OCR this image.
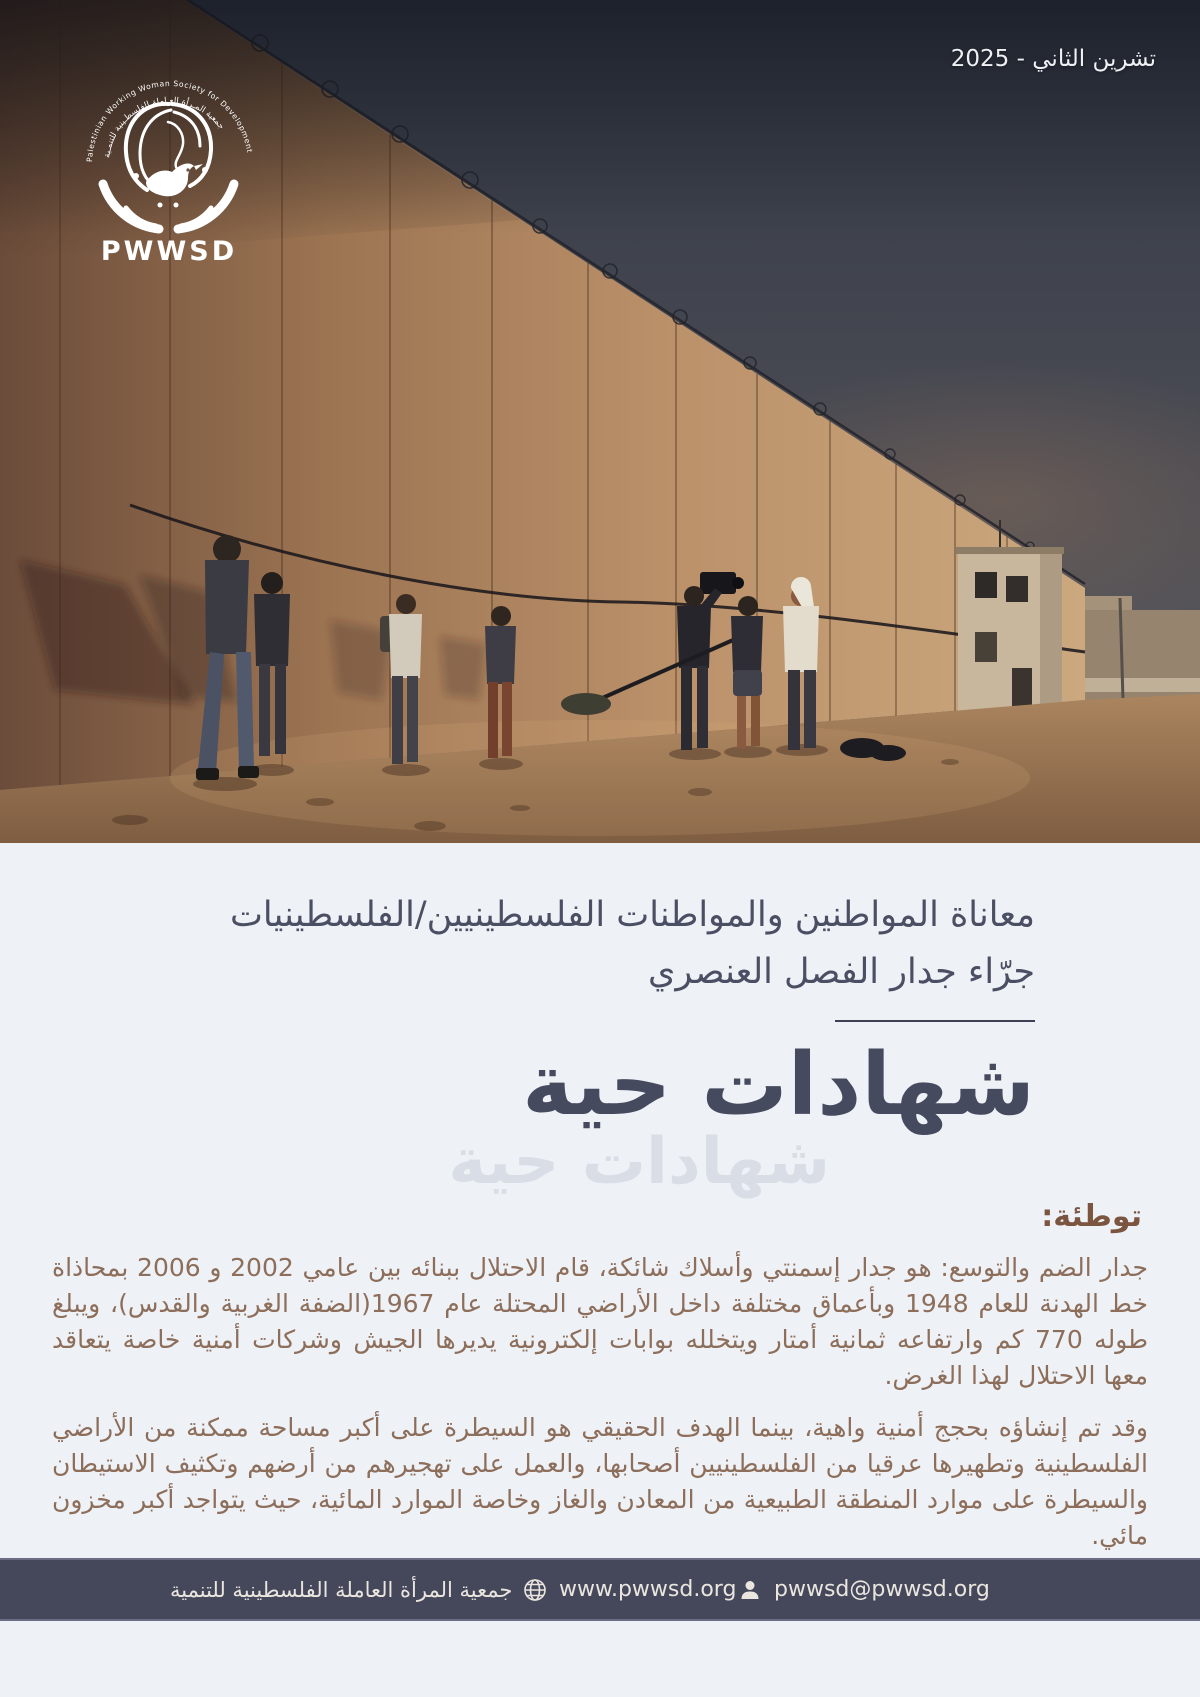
تشرين الثاني - 2025
Palestinian Working Woman Society for Development
جمعية المـرأة العـاملة الفلسطـينية للتنمـية
PWWSD
معاناة المواطنين والمواطنات الفلسطينيين/الفلسطينيات
جرّاء جدار الفصل العنصري
شهادات حية
شهادات حية
توطئة:

جدار الضم والتوسع: هو جدار إسمنتي وأسلاك شائكة، قام الاحتلال ببنائه بين عامي 2002 و 2006 بمحاذاة خط الهدنة للعام 1948 وبأعماق مختلفة داخل الأراضي المحتلة عام 1967(الضفة الغربية والقدس)، ويبلغ طوله 770 كم وارتفاعه ثمانية أمتار ويتخلله بوابات إلكترونية يديرها الجيش وشركات أمنية خاصة يتعاقد معها الاحتلال لهذا الغرض.

وقد تم إنشاؤه بحجج أمنية واهية، بينما الهدف الحقيقي هو السيطرة على أكبر مساحة ممكنة من الأراضي الفلسطينية وتطهيرها عرقيا من الفلسطينيين أصحابها، والعمل على تهجيرهم من أرضهم وتكثيف الاستيطان والسيطرة على موارد المنطقة الطبيعية من المعادن والغاز وخاصة الموارد المائية، حيث يتواجد أكبر مخزون مائي.

جمعية المرأة العاملة الفلسطينية للتنمية www.pwwsd.org pwwsd@pwwsd.org
